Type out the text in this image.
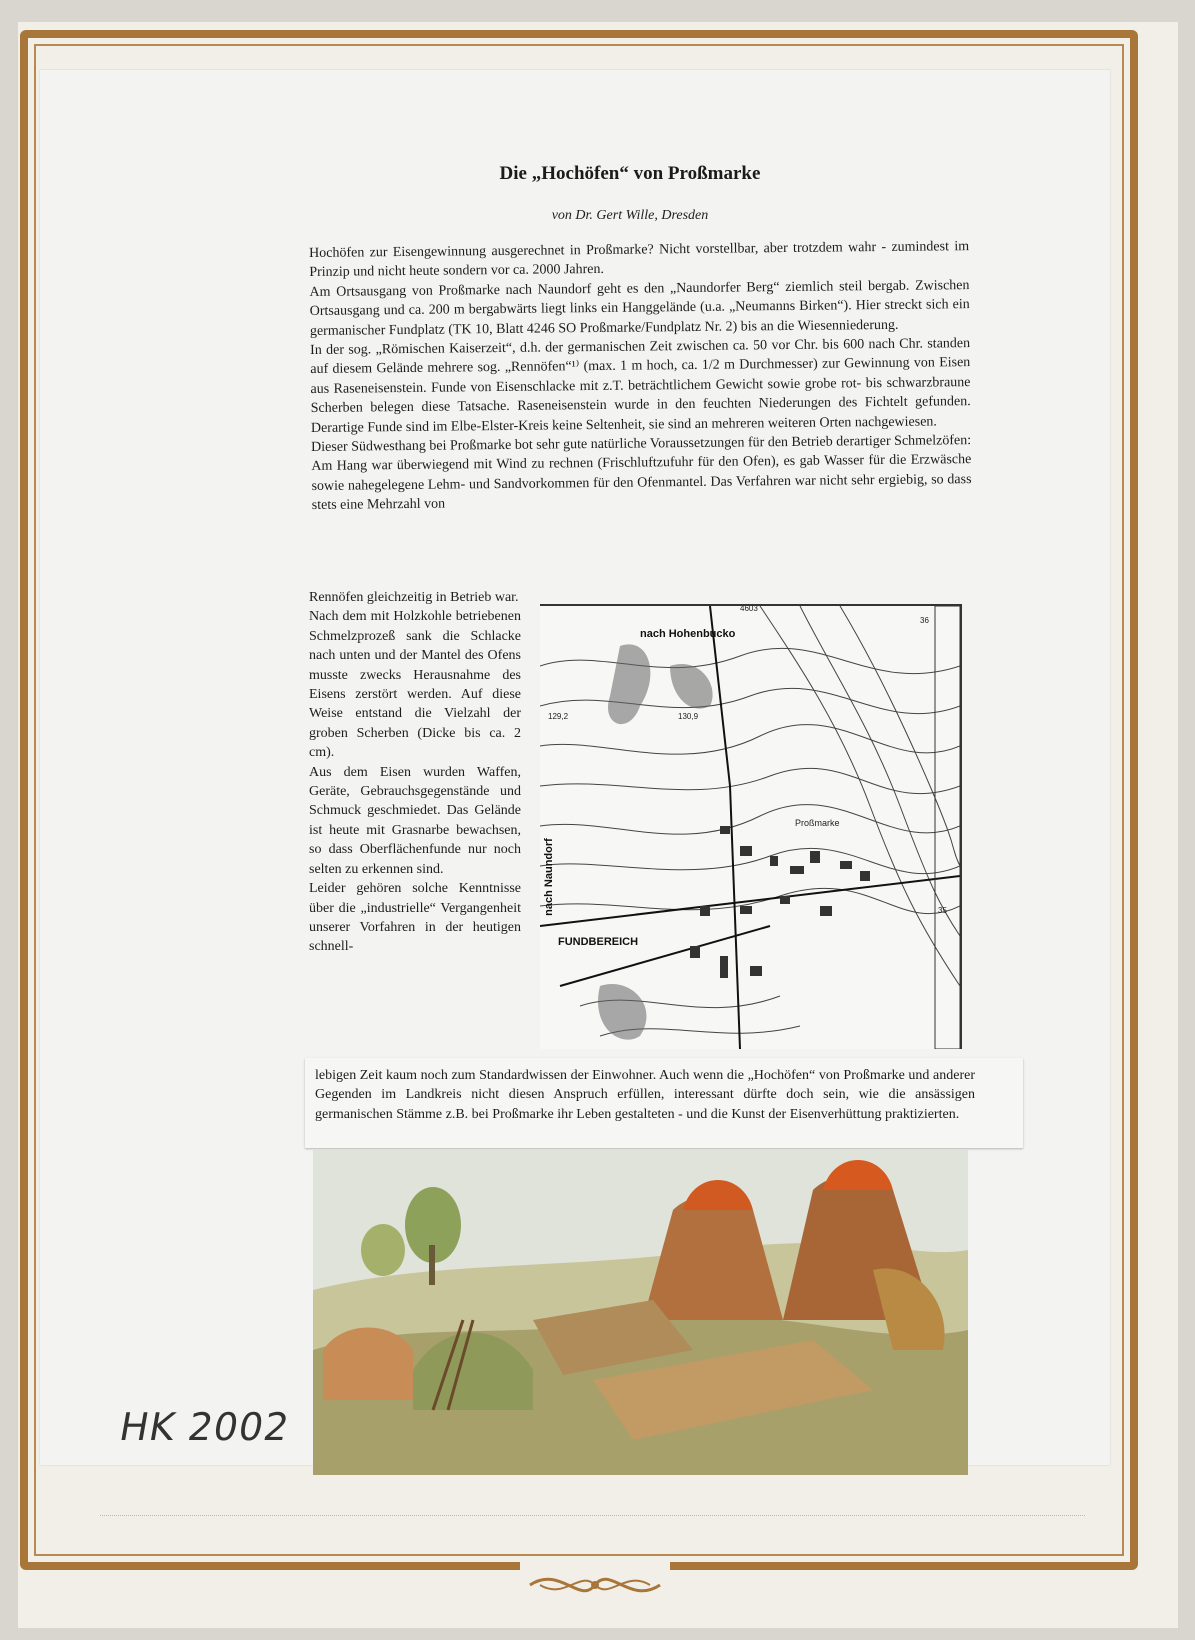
Die „Hochöfen“ von Proßmarke
von Dr. Gert Wille, Dresden

Hochöfen zur Eisengewinnung ausgerechnet in Proßmarke? Nicht vorstellbar, aber trotzdem wahr - zumindest im Prinzip und nicht heute sondern vor ca. 2000 Jahren.

Am Ortsausgang von Proßmarke nach Naundorf geht es den „Naundorfer Berg“ ziemlich steil bergab. Zwischen Ortsausgang und ca. 200 m bergabwärts liegt links ein Hanggelände (u.a. „Neumanns Birken“). Hier streckt sich ein germanischer Fundplatz (TK 10, Blatt 4246 SO Proßmarke/Fundplatz Nr. 2) bis an die Wiesenniederung.

In der sog. „Römischen Kaiserzeit“, d.h. der germanischen Zeit zwischen ca. 50 vor Chr. bis 600 nach Chr. standen auf diesem Gelände mehrere sog. „Rennöfen“¹⁾ (max. 1 m hoch, ca. 1/2 m Durchmesser) zur Gewinnung von Eisen aus Raseneisenstein. Funde von Eisenschlacke mit z.T. beträchtlichem Gewicht sowie grobe rot- bis schwarzbraune Scherben belegen diese Tatsache. Raseneisenstein wurde in den feuchten Niederungen des Fichtelt gefunden. Derartige Funde sind im Elbe-Elster-Kreis keine Seltenheit, sie sind an mehreren weiteren Orten nachgewiesen.

Dieser Südwesthang bei Proßmarke bot sehr gute natürliche Voraussetzungen für den Betrieb derartiger Schmelzöfen: Am Hang war überwiegend mit Wind zu rechnen (Frischluftzufuhr für den Ofen), es gab Wasser für die Erzwäsche sowie nahegelegene Lehm- und Sandvorkommen für den Ofenmantel. Das Verfahren war nicht sehr ergiebig, so dass stets eine Mehrzahl von

Rennöfen gleichzeitig in Betrieb war.

Nach dem mit Holzkohle betriebenen Schmelzprozeß sank die Schlacke nach unten und der Mantel des Ofens musste zwecks Herausnahme des Eisens zerstört werden. Auf diese Weise entstand die Vielzahl der groben Scherben (Dicke bis ca. 2 cm).

Aus dem Eisen wurden Waffen, Geräte, Gebrauchsgegenstände und Schmuck geschmiedet. Das Gelände ist heute mit Grasnarbe bewachsen, so dass Oberflächenfunde nur noch selten zu erkennen sind.

Leider gehören solche Kenntnisse über die „industrielle“ Vergangenheit unserer Vorfahren in der heutigen schnell-

4603
nach Hohenbucko
129,2	130,9
36
Proßmarke
nach Naundorf	35
FUNDBEREICH
lebigen Zeit kaum noch zum Standardwissen der Einwohner. Auch wenn die „Hochöfen“ von Proßmarke und anderer Gegenden im Landkreis nicht diesen Anspruch erfüllen, interessant dürfte doch sein, wie die ansässigen germanischen Stämme z.B. bei Proßmarke ihr Leben gestalteten - und die Kunst der Eisenverhüttung praktizierten.
HK 2002
